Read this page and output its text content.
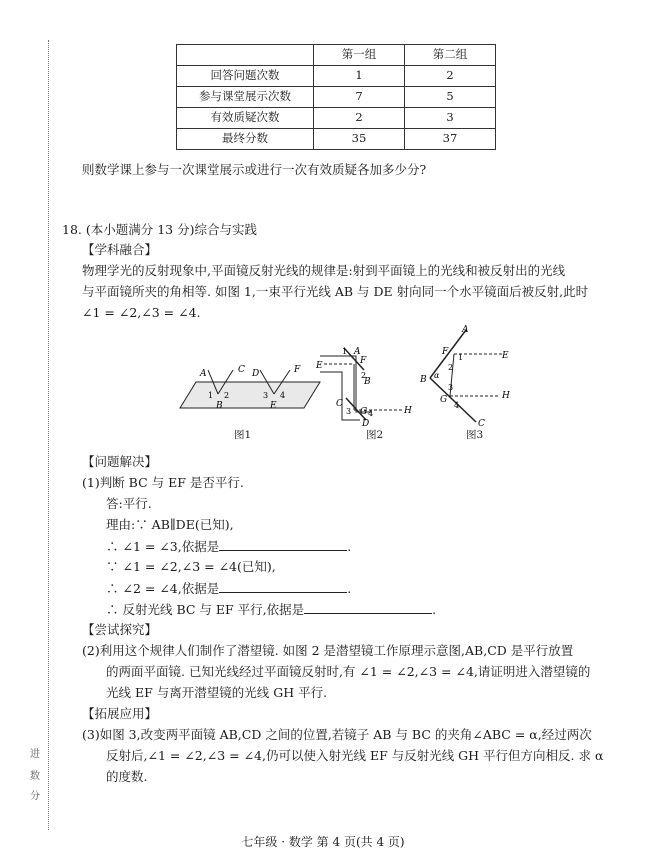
进
数
分
	第一组	第二组
回答问题次数	1	2
参与课堂展示次数	7	5
有效质疑次数	2	3
最终分数	35	37
则数学课上参与一次课堂展示或进行一次有效质疑各加多少分?
18. (本小题满分 13 分)综合与实践
【学科融合】
物理学光的反射现象中,平面镜反射光线的规律是:射到平面镜上的光线和被反射出的光线
与平面镜所夹的角相等. 如图 1,一束平行光线 AB 与 DE 射向同一个水平镜面后被反射,此时
∠1 = ∠2,∠3 = ∠4.
A	C D	F
1 2	3 4
B	E
图1
1 A
E	F
2
B
C
3 G 4	H
D
图2
A
F
1	E
B α
2
3
G	H
4
C
图3
【问题解决】
(1)判断 BC 与 EF 是否平行.
答:平行.
理由:∵ AB∥DE(已知),
∴ ∠1 = ∠3,依据是	.
∵ ∠1 = ∠2,∠3 = ∠4(已知),
∴ ∠2 = ∠4,依据是	.
∴ 反射光线 BC 与 EF 平行,依据是	.
【尝试探究】
(2)利用这个规律人们制作了潜望镜. 如图 2 是潜望镜工作原理示意图,AB,CD 是平行放置
的两面平面镜. 已知光线经过平面镜反射时,有 ∠1 = ∠2,∠3 = ∠4,请证明进入潜望镜的
光线 EF 与离开潜望镜的光线 GH 平行.
【拓展应用】
(3)如图 3,改变两平面镜 AB,CD 之间的位置,若镜子 AB 与 BC 的夹角∠ABC = α,经过两次
反射后,∠1 = ∠2,∠3 = ∠4,仍可以使入射光线 EF 与反射光线 GH 平行但方向相反. 求 α
的度数.
七年级 · 数学 第 4 页(共 4 页)
